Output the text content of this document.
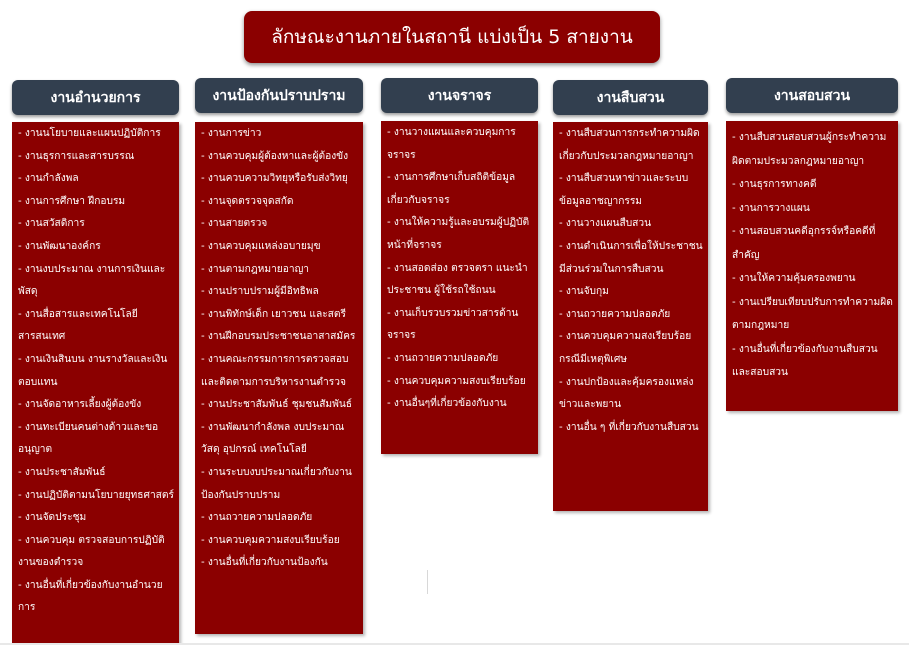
ลักษณะงานภายในสถานี แบ่งเป็น 5 สายงาน
งานอำนวยการ
- งานนโยบายและแผนปฏิบัติการ
- งานธุรการและสารบรรณ
- งานกำลังพล
- งานการศึกษา ฝึกอบรม
- งานสวัสดิการ
- งานพัฒนาองค์กร
- งานงบประมาณ งานการเงินและพัสดุ
- งานสื่อสารและเทคโนโลยีสารสนเทศ
- งานเงินสินบน งานรางวัลและเงินตอบแทน
- งานจัดอาหารเลี้ยงผู้ต้องขัง
- งานทะเบียนคนต่างด้าวและขออนุญาต
- งานประชาสัมพันธ์
- งานปฏิบัติตามนโยบายยุทธศาสตร์
- งานจัดประชุม
- งานควบคุม ตรวจสอบการปฏิบัติงานของตำรวจ
- งานอื่นที่เกี่ยวข้องกับงานอำนวยการ
งานป้องกันปราบปราม
- งานการข่าว
- งานควบคุมผู้ต้องหาและผู้ต้องขัง
- งานควบความวิทยุหรือรับส่งวิทยุ
- งานจุดตรวจจุดสกัด
- งานสายตรวจ
- งานควบคุมแหล่งอบายมุข
- งานตามกฎหมายอาญา
- งานปราบปรามผู้มีอิทธิพล
- งานพิทักษ์เด็ก เยาวชน และสตรี
- งานฝึกอบรมประชาชนอาสาสมัคร
- งานคณะกรรมการการตรวจสอบและติดตามการบริหารงานตำรวจ
- งานประชาสัมพันธ์ ชุมชนสัมพันธ์
- งานพัฒนากำลังพล งบประมาณ วัสดุ อุปกรณ์ เทคโนโลยี
- งานระบบงบประมาณเกี่ยวกับงานป้องกันปราบปราม
- งานถวายความปลอดภัย
- งานควบคุมความสงบเรียบร้อย
- งานอื่นที่เกี่ยวกับงานป้องกัน
งานจราจร
- งานวางแผนและควบคุมการจราจร
- งานการศึกษาเก็บสถิติข้อมูลเกี่ยวกับจราจร
- งานให้ความรู้และอบรมผู้ปฏิบัติหน้าที่จราจร
- งานสอดส่อง ตรวจตรา แนะนำประชาชน ผู้ใช้รถใช้ถนน
- งานเก็บรวบรวมข่าวสารด้านจราจร
- งานถวายความปลอดภัย
- งานควบคุมความสงบเรียบร้อย
- งานอื่นๆที่เกี่ยวข้องกับงาน
งานสืบสวน
- งานสืบสวนการกระทำความผิดเกี่ยวกับประมวลกฎหมายอาญา
- งานสืบสวนหาข่าวและระบบข้อมูลอาชญากรรม
- งานวางแผนสืบสวน
- งานดำเนินการเพื่อให้ประชาชนมีส่วนร่วมในการสืบสวน
- งานจับกุม
- งานถวายความปลอดภัย
- งานควบคุมความสงเรียบร้อยกรณีมีเหตุพิเศษ
- งานปกป้องและคุ้มครองแหล่งข่าวและพยาน
- งานอื่น ๆ ที่เกี่ยวกับงานสืบสวน
งานสอบสวน
- งานสืบสวนสอบสวนผู้กระทำความผิดตามประมวลกฎหมายอาญา
- งานธุรการทางคดี
- งานการวางแผน
- งานสอบสวนคดีอุกรรจ์หรือคดีที่สำคัญ
- งานให้ความคุ้มครองพยาน
- งานเปรียบเทียบปรับการทำความผิดตามกฎหมาย
- งานอื่นที่เกี่ยวข้องกับงานสืบสวนและสอบสวน
